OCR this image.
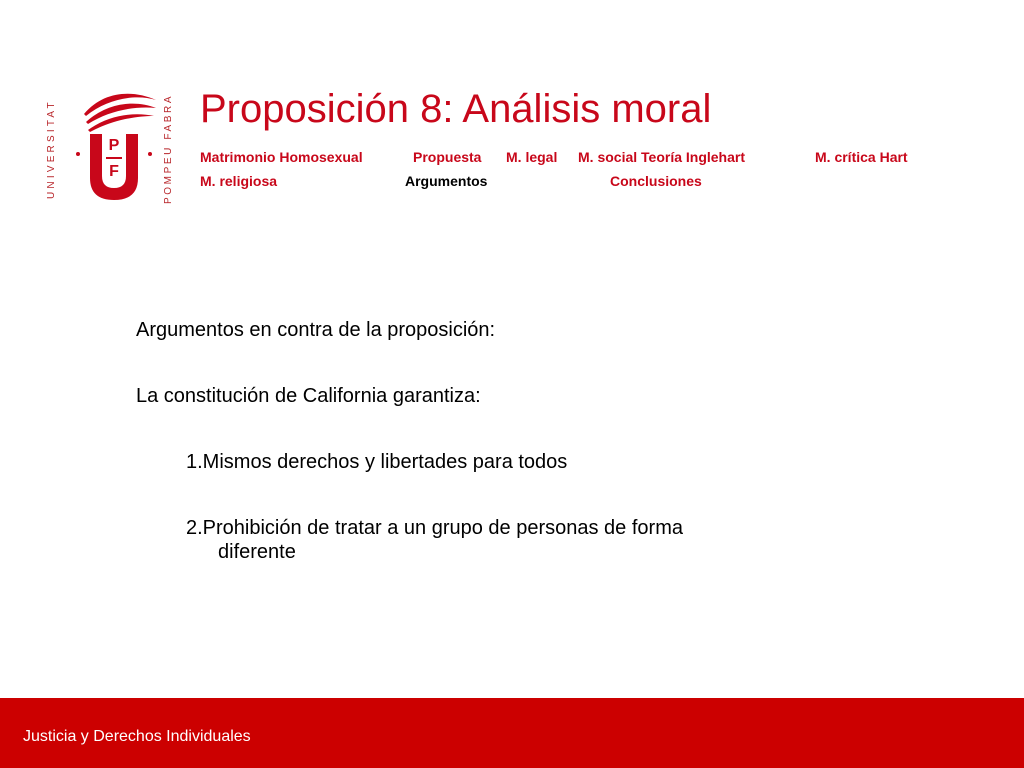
P
F
UNIVERSITAT	POMPEU FABRA Proposición 8: Análisis moral
Matrimonio Homosexual	Propuesta M. legal M. social Teoría Inglehart	M. crítica Hart
M. religiosa	Argumentos	Conclusiones

Argumentos en contra de la proposición:

La constitución de California garantiza:

1.Mismos derechos y libertades para todos

2.Prohibición de tratar a un grupo de personas de forma
diferente

Justicia y Derechos Individuales
